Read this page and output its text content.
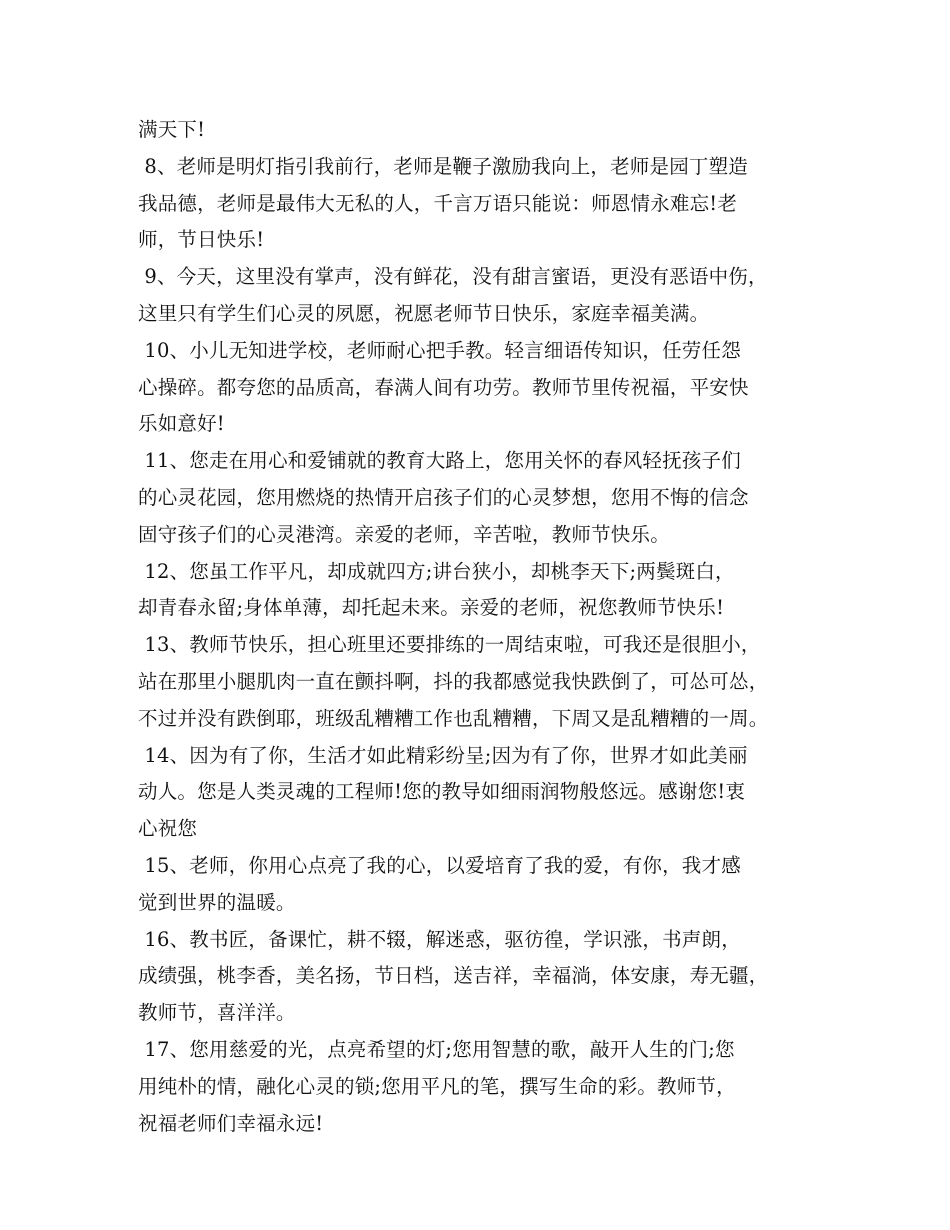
满天下!
8、老师是明灯指引我前行，老师是鞭子激励我向上，老师是园丁塑造
我品德，老师是最伟大无私的人，千言万语只能说：师恩情永难忘!老
师，节日快乐!
9、今天，这里没有掌声，没有鲜花，没有甜言蜜语，更没有恶语中伤，
这里只有学生们心灵的夙愿，祝愿老师节日快乐，家庭幸福美满。
10、小儿无知进学校，老师耐心把手教。轻言细语传知识，任劳任怨
心操碎。都夸您的品质高，春满人间有功劳。教师节里传祝福，平安快
乐如意好!
11、您走在用心和爱铺就的教育大路上，您用关怀的春风轻抚孩子们
的心灵花园，您用燃烧的热情开启孩子们的心灵梦想，您用不悔的信念
固守孩子们的心灵港湾。亲爱的老师，辛苦啦，教师节快乐。
12、您虽工作平凡，却成就四方;讲台狭小，却桃李天下;两鬓斑白，
却青春永留;身体单薄，却托起未来。亲爱的老师，祝您教师节快乐!
13、教师节快乐，担心班里还要排练的一周结束啦，可我还是很胆小，
站在那里小腿肌肉一直在颤抖啊，抖的我都感觉我快跌倒了，可怂可怂，
不过并没有跌倒耶，班级乱糟糟工作也乱糟糟，下周又是乱糟糟的一周。
14、因为有了你，生活才如此精彩纷呈;因为有了你，世界才如此美丽
动人。您是人类灵魂的工程师!您的教导如细雨润物般悠远。感谢您!衷
心祝您
15、老师，你用心点亮了我的心，以爱培育了我的爱，有你，我才感
觉到世界的温暖。
16、教书匠，备课忙，耕不辍，解迷惑，驱彷徨，学识涨，书声朗，
成绩强，桃李香，美名扬，节日档，送吉祥，幸福淌，体安康，寿无疆，
教师节，喜洋洋。
17、您用慈爱的光，点亮希望的灯;您用智慧的歌，敲开人生的门;您
用纯朴的情，融化心灵的锁;您用平凡的笔，撰写生命的彩。教师节，
祝福老师们幸福永远!
